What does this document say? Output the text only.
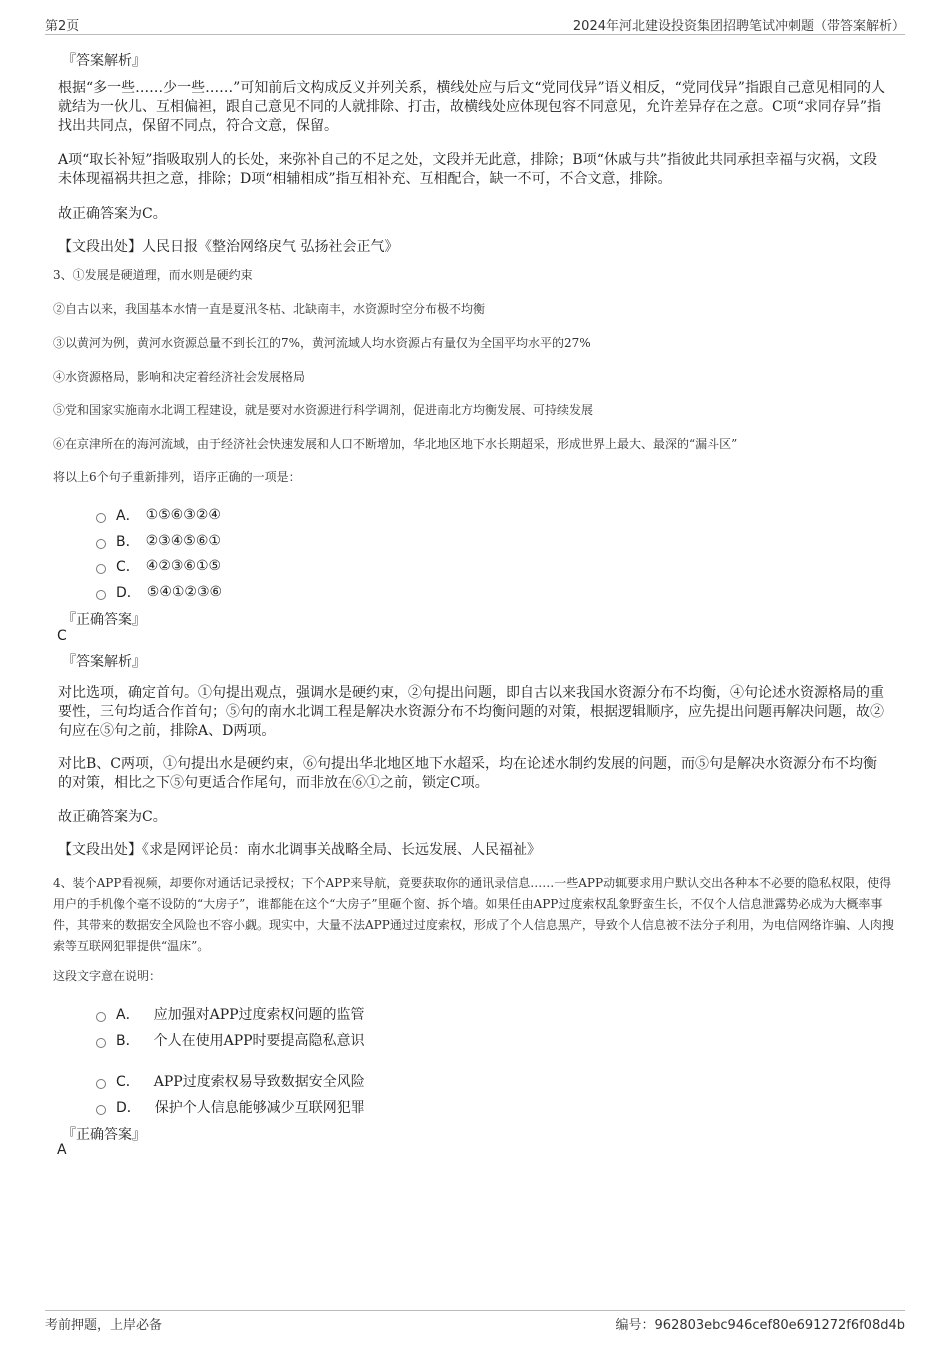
第2页	2024年河北建设投资集团招聘笔试冲刺题（带答案解析）
『答案解析』

根据“多一些……少一些……”可知前后文构成反义并列关系，横线处应与后文“党同伐异”语义相反，“党同伐异”指跟自己意见相同的人就结为一伙儿、互相偏袒，跟自己意见不同的人就排除、打击，故横线处应体现包容不同意见，允许差异存在之意。C项“求同存异”指找出共同点，保留不同点，符合文意，保留。

A项“取长补短”指吸取别人的长处，来弥补自己的不足之处，文段并无此意，排除；B项“休戚与共”指彼此共同承担幸福与灾祸，文段未体现福祸共担之意，排除；D项“相辅相成”指互相补充、互相配合，缺一不可，不合文意，排除。

故正确答案为C。
【文段出处】人民日报《整治网络戾气 弘扬社会正气》
3、①发展是硬道理，而水则是硬约束
②自古以来，我国基本水情一直是夏汛冬枯、北缺南丰，水资源时空分布极不均衡
③以黄河为例，黄河水资源总量不到长江的7%，黄河流域人均水资源占有量仅为全国平均水平的27%
④水资源格局，影响和决定着经济社会发展格局
⑤党和国家实施南水北调工程建设，就是要对水资源进行科学调剂，促进南北方均衡发展、可持续发展
⑥在京津所在的海河流域，由于经济社会快速发展和人口不断增加，华北地区地下水长期超采，形成世界上最大、最深的“漏斗区”
将以上6个句子重新排列，语序正确的一项是：
A． ①⑤⑥③②④
B． ②③④⑤⑥①
C． ④②③⑥①⑤
D． ⑤④①②③⑥
『正确答案』
C
『答案解析』

对比选项，确定首句。①句提出观点，强调水是硬约束，②句提出问题，即自古以来我国水资源分布不均衡，④句论述水资源格局的重要性，三句均适合作首句；⑤句的南水北调工程是解决水资源分布不均衡问题的对策，根据逻辑顺序，应先提出问题再解决问题，故②句应在⑤句之前，排除A、D两项。

对比B、C两项，①句提出水是硬约束，⑥句提出华北地区地下水超采，均在论述水制约发展的问题，而⑤句是解决水资源分布不均衡的对策，相比之下⑤句更适合作尾句，而非放在⑥①之前，锁定C项。

故正确答案为C。
【文段出处】《求是网评论员：南水北调事关战略全局、长远发展、人民福祉》
4、装个APP看视频，却要你对通话记录授权；下个APP来导航，竟要获取你的通讯录信息……一些APP动辄要求用户默认交出各种本不必要的隐私权限，使得用户的手机像个毫不设防的“大房子”，谁都能在这个“大房子”里砸个窗、拆个墙。如果任由APP过度索权乱象野蛮生长，不仅个人信息泄露势必成为大概率事件，其带来的数据安全风险也不容小觑。现实中，大量不法APP通过过度索权，形成了个人信息黑产，导致个人信息被不法分子利用，为电信网络诈骗、人肉搜索等互联网犯罪提供“温床”。
这段文字意在说明：
A． 应加强对APP过度索权问题的监管
B． 个人在使用APP时要提高隐私意识
C． APP过度索权易导致数据安全风险
D． 保护个人信息能够减少互联网犯罪
『正确答案』
A
考前押题，上岸必备	编号：962803ebc946cef80e691272f6f08d4b
